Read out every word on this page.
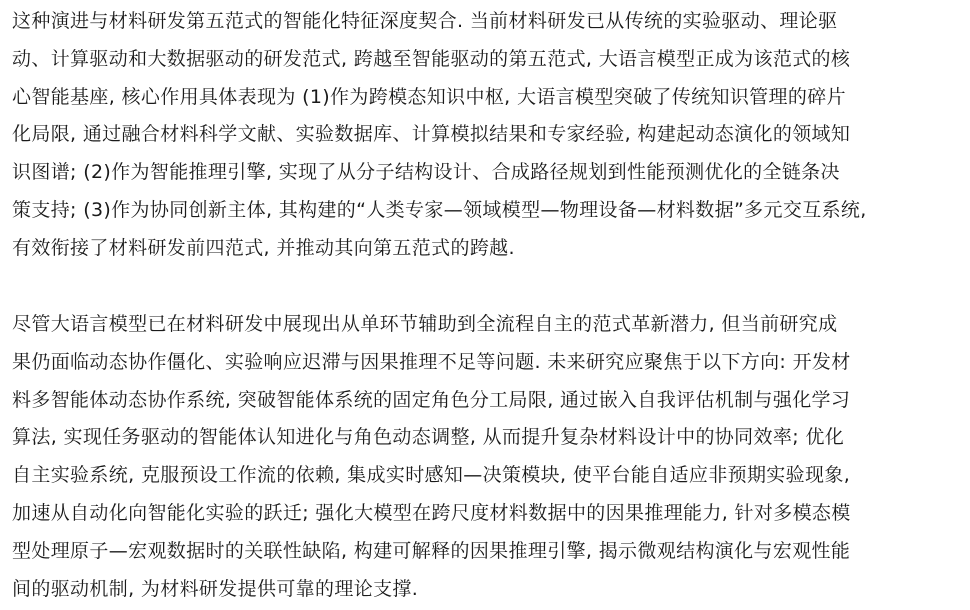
这种演进与材料研发第五范式的智能化特征深度契合. 当前材料研发已从传统的实验驱动、理论驱
动、计算驱动和大数据驱动的研发范式, 跨越至智能驱动的第五范式, 大语言模型正成为该范式的核
心智能基座, 核心作用具体表现为 (1)作为跨模态知识中枢, 大语言模型突破了传统知识管理的碎片
化局限, 通过融合材料科学文献、实验数据库、计算模拟结果和专家经验, 构建起动态演化的领域知
识图谱; (2)作为智能推理引擎, 实现了从分子结构设计、合成路径规划到性能预测优化的全链条决
策支持; (3)作为协同创新主体, 其构建的“人类专家—领域模型—物理设备—材料数据”多元交互系统,
有效衔接了材料研发前四范式, 并推动其向第五范式的跨越.
尽管大语言模型已在材料研发中展现出从单环节辅助到全流程自主的范式革新潜力, 但当前研究成
果仍面临动态协作僵化、实验响应迟滞与因果推理不足等问题. 未来研究应聚焦于以下方向: 开发材
料多智能体动态协作系统, 突破智能体系统的固定角色分工局限, 通过嵌入自我评估机制与强化学习
算法, 实现任务驱动的智能体认知进化与角色动态调整, 从而提升复杂材料设计中的协同效率; 优化
自主实验系统, 克服预设工作流的依赖, 集成实时感知—决策模块, 使平台能自适应非预期实验现象,
加速从自动化向智能化实验的跃迁; 强化大模型在跨尺度材料数据中的因果推理能力, 针对多模态模
型处理原子—宏观数据时的关联性缺陷, 构建可解释的因果推理引擎, 揭示微观结构演化与宏观性能
间的驱动机制, 为材料研发提供可靠的理论支撑.
